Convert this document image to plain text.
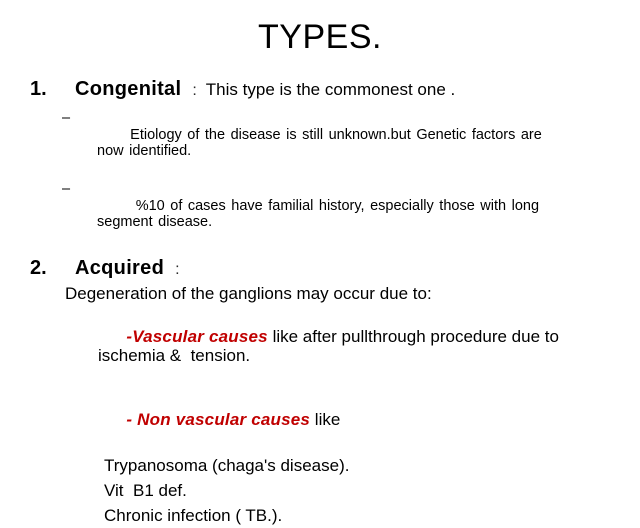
TYPES.
1.	Congenital : This type is the commonest one .

–
Etiology of the disease is still unknown.but Genetic factors are now identified.

–
%10 of cases have familial history, especially those with long segment disease.

2.	Acquired :
Degeneration of the ganglions may occur due to:

-Vascular causes like after pullthrough procedure due to ischemia &  tension.

- Non vascular causes like

Trypanosoma (chaga's disease).
Vit  B1 def.
Chronic infection ( TB.).
